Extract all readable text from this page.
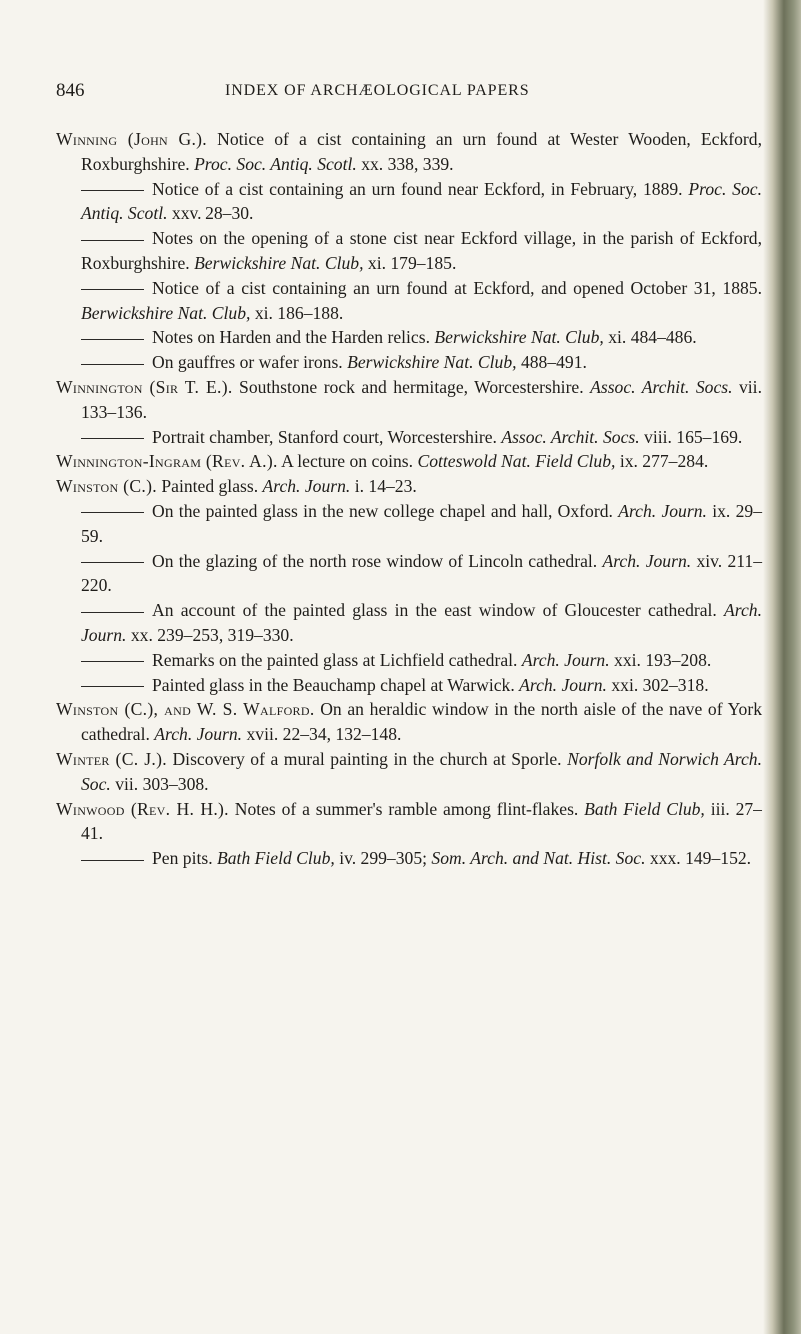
846	INDEX OF ARCHÆOLOGICAL PAPERS
Winning (John G.). Notice of a cist containing an urn found at Wester Wooden, Eckford, Roxburghshire. Proc. Soc. Antiq. Scotl. xx. 338, 339.
Notice of a cist containing an urn found near Eckford, in February, 1889. Proc. Soc. Antiq. Scotl. xxv. 28–30.
Notes on the opening of a stone cist near Eckford village, in the parish of Eckford, Roxburghshire. Berwickshire Nat. Club, xi. 179–185.
Notice of a cist containing an urn found at Eckford, and opened October 31, 1885. Berwickshire Nat. Club, xi. 186–188.
Notes on Harden and the Harden relics. Berwickshire Nat. Club, xi. 484–486.
On gauffres or wafer irons. Berwickshire Nat. Club, 488–491.
Winnington (Sir T. E.). Southstone rock and hermitage, Worcestershire. Assoc. Archit. Socs. vii. 133–136.
Portrait chamber, Stanford court, Worcestershire. Assoc. Archit. Socs. viii. 165–169.
Winnington-Ingram (Rev. A.). A lecture on coins. Cotteswold Nat. Field Club, ix. 277–284.
Winston (C.). Painted glass. Arch. Journ. i. 14–23.
On the painted glass in the new college chapel and hall, Oxford. Arch. Journ. ix. 29–59.
On the glazing of the north rose window of Lincoln cathedral. Arch. Journ. xiv. 211–220.
An account of the painted glass in the east window of Gloucester cathedral. Arch. Journ. xx. 239–253, 319–330.
Remarks on the painted glass at Lichfield cathedral. Arch. Journ. xxi. 193–208.
Painted glass in the Beauchamp chapel at Warwick. Arch. Journ. xxi. 302–318.
Winston (C.), and W. S. Walford. On an heraldic window in the north aisle of the nave of York cathedral. Arch. Journ. xvii. 22–34, 132–148.
Winter (C. J.). Discovery of a mural painting in the church at Sporle. Norfolk and Norwich Arch. Soc. vii. 303–308.
Winwood (Rev. H. H.). Notes of a summer's ramble among flint-flakes. Bath Field Club, iii. 27–41.
Pen pits. Bath Field Club, iv. 299–305; Som. Arch. and Nat. Hist. Soc. xxx. 149–152.
